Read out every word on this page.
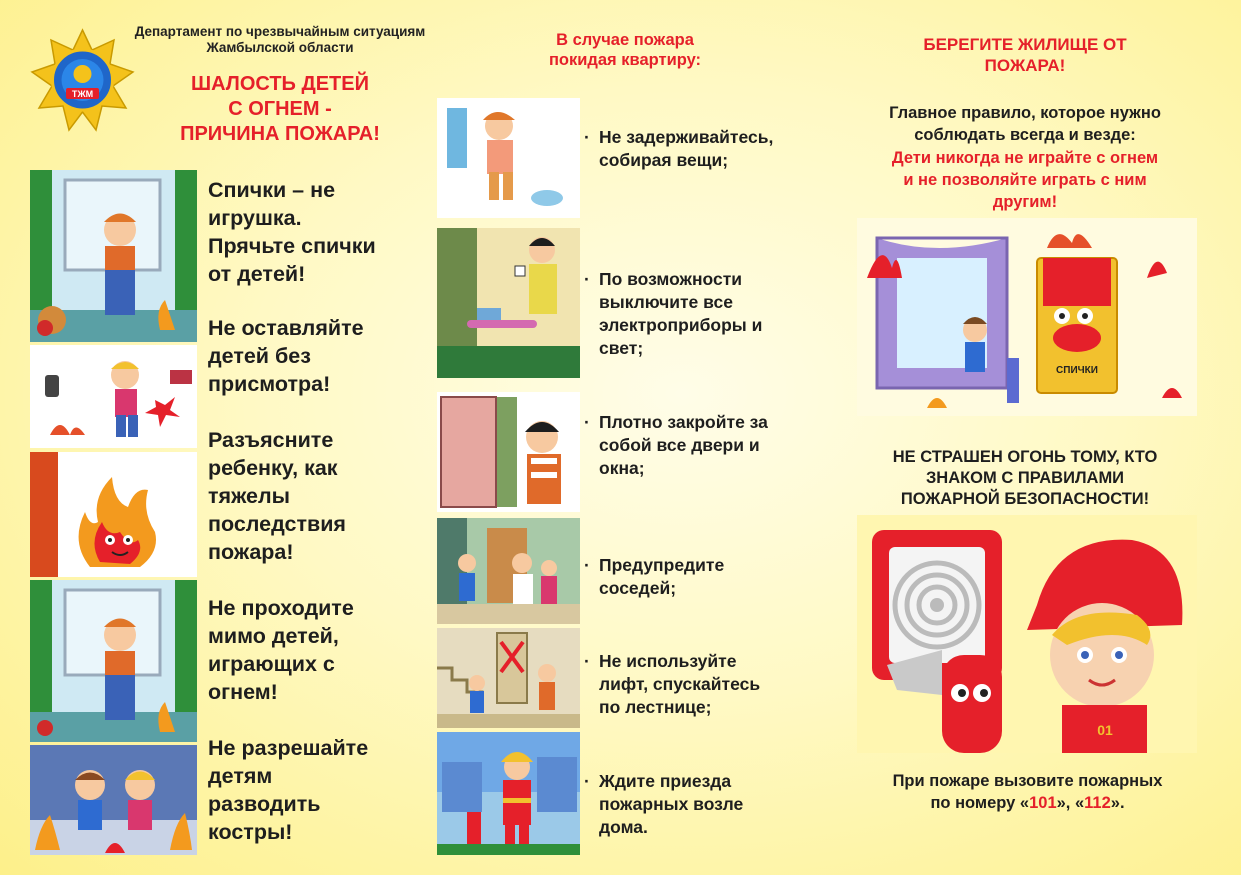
ТЖМ
Департамент по чрезвычайным ситуациям
Жамбылской области
ШАЛОСТЬ ДЕТЕЙ
С ОГНЕМ -
ПРИЧИНА ПОЖАРА!
Спички – не
игрушка.
Прячьте спички
от детей!
Не оставляйте
детей без
присмотра!
Разъясните
ребенку, как
тяжелы
последствия
пожара!
Не проходите
мимо детей,
играющих с
огнем!
Не разрешайте
детям
разводить
костры!
В случае пожара
покидая квартиру:
· Не задерживайтесь,
собирая вещи;
· По возможности
выключите все
электроприборы и
свет;
· Плотно закройте за
собой все двери и
окна;
· Предупредите
соседей;
· Не используйте
лифт, спускайтесь
по лестнице;
· Ждите приезда
пожарных возле
дома.
БЕРЕГИТЕ ЖИЛИЩЕ ОТ
ПОЖАРА!
Главное правило, которое нужно
соблюдать всегда и везде:
Дети никогда не играйте с огнем
и не позволяйте играть с ним
другим!
СПИЧКИ
НЕ СТРАШЕН ОГОНЬ ТОМУ, КТО
ЗНАКОМ С ПРАВИЛАМИ
ПОЖАРНОЙ БЕЗОПАСНОСТИ!
01
При пожаре вызовите пожарных
по номеру «101», «112».
